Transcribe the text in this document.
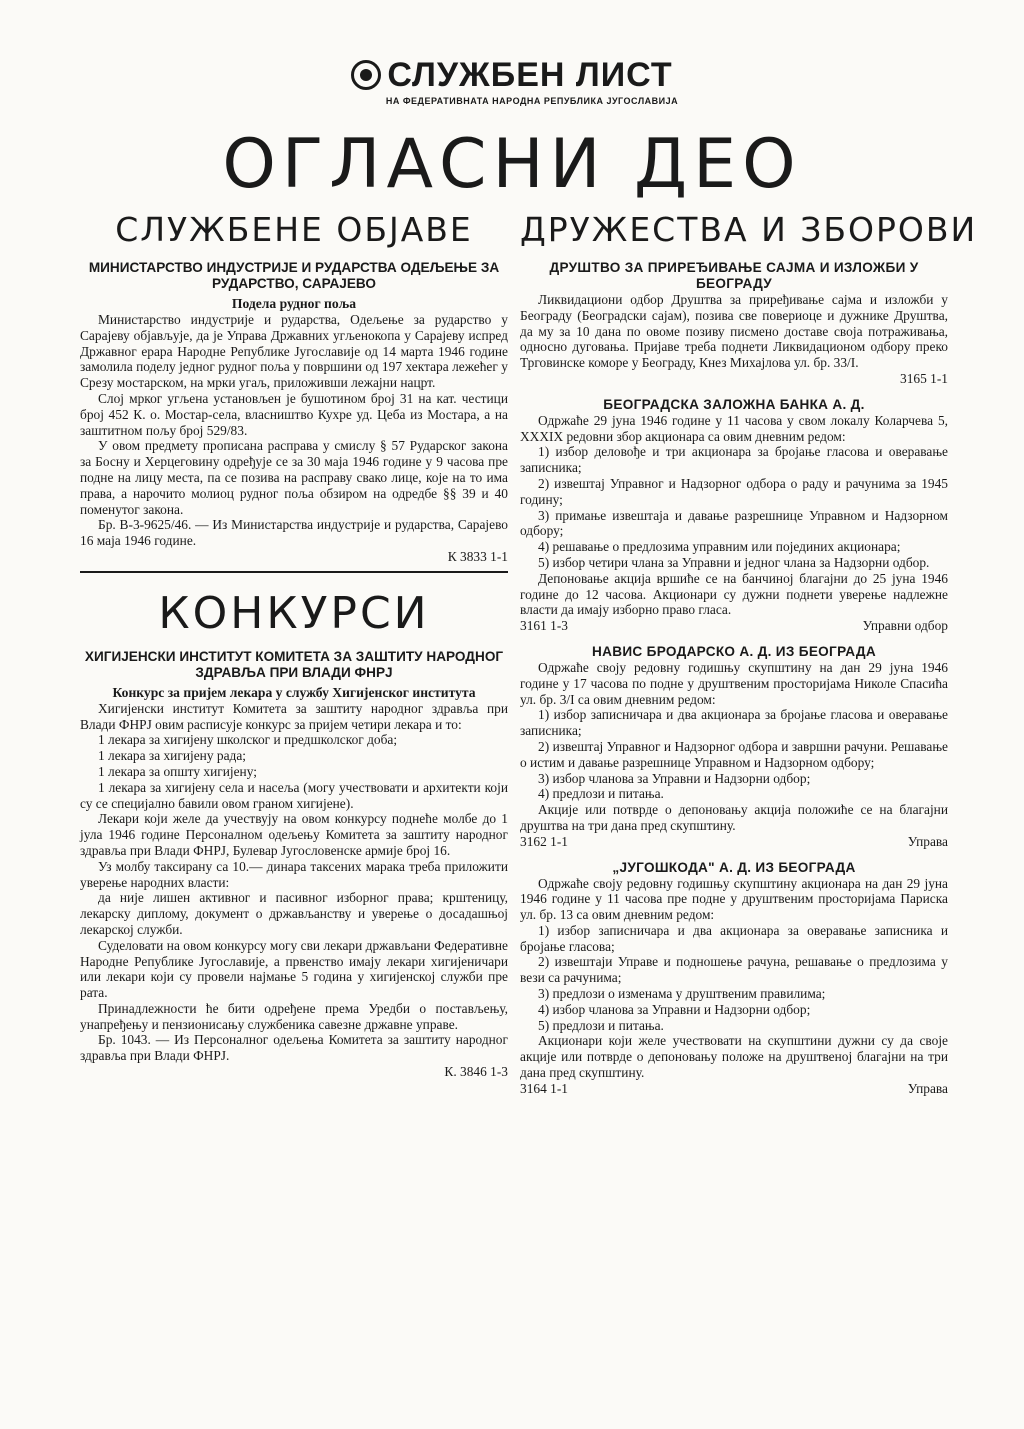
СЛУЖБЕН ЛИСТ
НА ФЕДЕРАТИВНАТА НАРОДНА РЕПУБЛИКА ЈУГОСЛАВИЈА
ОГЛАСНИ ДЕО
СЛУЖБЕНЕ ОБЈАВЕ
МИНИСТАРСТВО ИНДУСТРИЈЕ И РУДАРСТВА ОДЕЉЕЊЕ ЗА РУДАРСТВО, САРАЈЕВО
Подела рудног поља

Министарство индустрије и рударства, Одељење за рударство у Сарајеву објављује, да је Управа Државних угљенокопа у Сарајеву испред Државног ерара Народне Републике Југославије од 14 марта 1946 године замолила поделу једног рудног поља у површини од 197 хектара лежећег у Срезу мостарском, на мрки угаљ, приложивши лежајни нацрт.

Слој мрког угљена установљен је бушотином број 31 на кат. честици број 452 К. о. Мостар-села, власништво Кухре уд. Цеба из Мостара, а на заштитном пољу број 529/83.

У овом предмету прописана расправа у смислу § 57 Рударског закона за Босну и Херцеговину одређује се за 30 маја 1946 године у 9 часова пре подне на лицу места, па се позива на расправу свако лице, које на то има права, а нарочито молиоц рудног поља обзиром на одредбе §§ 39 и 40 поменутог закона.

Бр. В-3-9625/46. — Из Министарства индустрије и рударства, Сарајево 16 маја 1946 године.

К 3833 1-1
КОНКУРСИ
ХИГИЈЕНСКИ ИНСТИТУТ КОМИТЕТА ЗА ЗАШТИТУ НАРОДНОГ ЗДРАВЉА ПРИ ВЛАДИ ФНРЈ
Конкурс за пријем лекара у службу Хигијенског института

Хигијенски институт Комитета за заштиту народног здравља при Влади ФНРЈ овим расписује конкурс за пријем четири лекара и то:

1 лекара за хигијену школског и предшколског доба;

1 лекара за хигијену рада;

1 лекара за општу хигијену;

1 лекара за хигијену села и насеља (могу учествовати и архитекти који су се специјално бавили овом граном хигијене).

Лекари који желе да учествују на овом конкурсу поднеће молбе до 1 јула 1946 године Персоналном одељењу Комитета за заштиту народног здравља при Влади ФНРЈ, Булевар Југословенске армије број 16.

Уз молбу таксирану са 10.— динара таксених марака треба приложити уверење народних власти:

да није лишен активног и пасивног изборног права; крштеницу, лекарску диплому, документ о држављанству и уверење о досадашњој лекарској служби.

Суделовати на овом конкурсу могу сви лекари држављани Федеративне Народне Републике Југославије, а првенство имају лекари хигијеничари или лекари који су провели најмање 5 година у хигијенској служби пре рата.

Принадлежности ће бити одређене према Уредби о постављењу, унапређењу и пензионисању службеника савезне државне управе.

Бр. 1043. — Из Персоналног одељења Комитета за заштиту народног здравља при Влади ФНРЈ.

К. 3846 1-3
ДРУЖЕСТВА И ЗБОРОВИ
ДРУШТВО ЗА ПРИРЕЂИВАЊЕ САЈМА И ИЗЛОЖБИ У БЕОГРАДУ

Ликвидациони одбор Друштва за приређивање сајма и изложби у Београду (Београдски сајам), позива све повериоце и дужнике Друштва, да му за 10 дана по овоме позиву писмено доставе своја потраживања, односно дуговања. Пријаве треба поднети Ликвидационом одбору преко Трговинске коморе у Београду, Кнез Михајлова ул. бр. 33/I.

3165 1-1
БЕОГРАДСКА ЗАЛОЖНА БАНКА А. Д.

Одржаће 29 јуна 1946 године у 11 часова у свом локалу Коларчева 5, XXXIX редовни збор акционара са овим дневним редом:

1) избор деловође и три акционара за бројање гласова и оверавање записника;

2) извештај Управног и Надзорног одбора о раду и рачунима за 1945 годину;

3) примање извештаја и давање разрешнице Управном и Надзорном одбору;

4) решавање о предлозима управним или појединих акционара;

5) избор четири члана за Управни и једног члана за Надзорни одбор.

Депоновање акција вршиће се на банчиној благајни до 25 јуна 1946 године до 12 часова. Акционари су дужни поднети уверење надлежне власти да имају изборно право гласа.

3161 1-3	Управни одбор
НАВИС БРОДАРСКО А. Д. ИЗ БЕОГРАДА

Одржаће своју редовну годишњу скупштину на дан 29 јуна 1946 године у 17 часова по подне у друштвеним просторијама Николе Спасића ул. бр. 3/I са овим дневним редом:

1) избор записничара и два акционара за бројање гласова и оверавање записника;

2) извештај Управног и Надзорног одбора и завршни рачуни. Решавање о истим и давање разрешнице Управном и Надзорном одбору;

3) избор чланова за Управни и Надзорни одбор;

4) предлози и питања.

Акције или потврде о депоновању акција положиће се на благајни друштва на три дана пред скупштину.

3162 1-1	Управа
„ЈУГОШКОДА" А. Д. ИЗ БЕОГРАДА

Одржаће своју редовну годишњу скупштину акционара на дан 29 јуна 1946 године у 11 часова пре подне у друштвеним просторијама Париска ул. бр. 13 са овим дневним редом:

1) избор записничара и два акционара за оверавање записника и бројање гласова;

2) извештаји Управе и подношење рачуна, решавање о предлозима у вези са рачунима;

3) предлози о изменама у друштвеним правилима;

4) избор чланова за Управни и Надзорни одбор;

5) предлози и питања.

Акционари који желе учествовати на скупштини дужни су да своје акције или потврде о депоновању положе на друштвеној благајни на три дана пред скупштину.

3164 1-1	Управа
